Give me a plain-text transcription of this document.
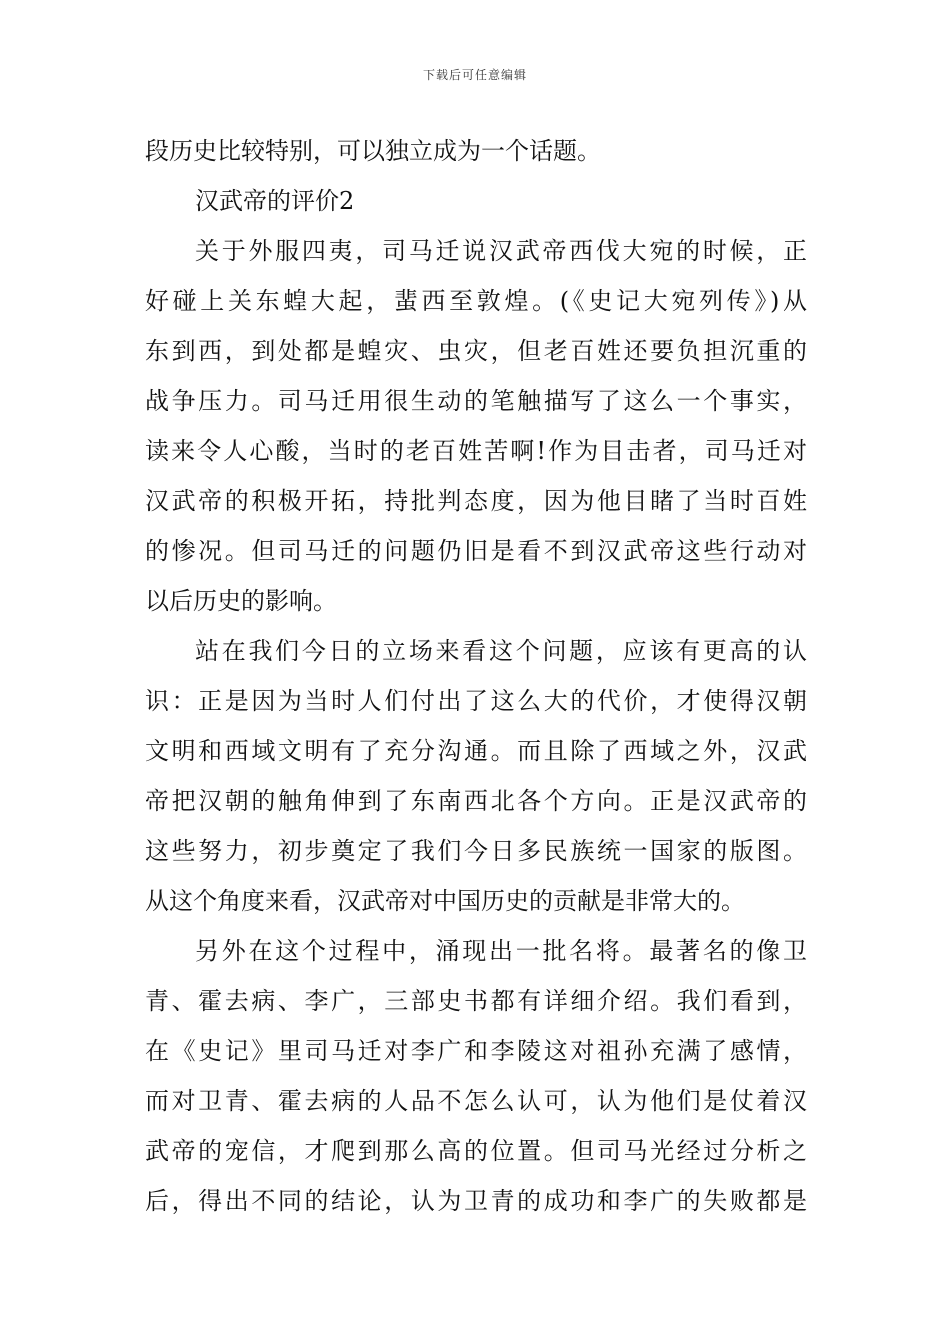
下载后可任意编辑
段历史比较特别，可以独立成为一个话题。
汉武帝的评价2
关于外服四夷，司马迁说汉武帝西伐大宛的时候，正
好碰上关东蝗大起，蜚西至敦煌。(《史记大宛列传》)从
东到西，到处都是蝗灾、虫灾，但老百姓还要负担沉重的
战争压力。司马迁用很生动的笔触描写了这么一个事实，
读来令人心酸，当时的老百姓苦啊!作为目击者，司马迁对
汉武帝的积极开拓，持批判态度，因为他目睹了当时百姓
的惨况。但司马迁的问题仍旧是看不到汉武帝这些行动对
以后历史的影响。
站在我们今日的立场来看这个问题，应该有更高的认
识：正是因为当时人们付出了这么大的代价，才使得汉朝
文明和西域文明有了充分沟通。而且除了西域之外，汉武
帝把汉朝的触角伸到了东南西北各个方向。正是汉武帝的
这些努力，初步奠定了我们今日多民族统一国家的版图。
从这个角度来看，汉武帝对中国历史的贡献是非常大的。
另外在这个过程中，涌现出一批名将。最著名的像卫
青、霍去病、李广，三部史书都有详细介绍。我们看到，
在《史记》里司马迁对李广和李陵这对祖孙充满了感情，
而对卫青、霍去病的人品不怎么认可，认为他们是仗着汉
武帝的宠信，才爬到那么高的位置。但司马光经过分析之
后，得出不同的结论，认为卫青的成功和李广的失败都是
